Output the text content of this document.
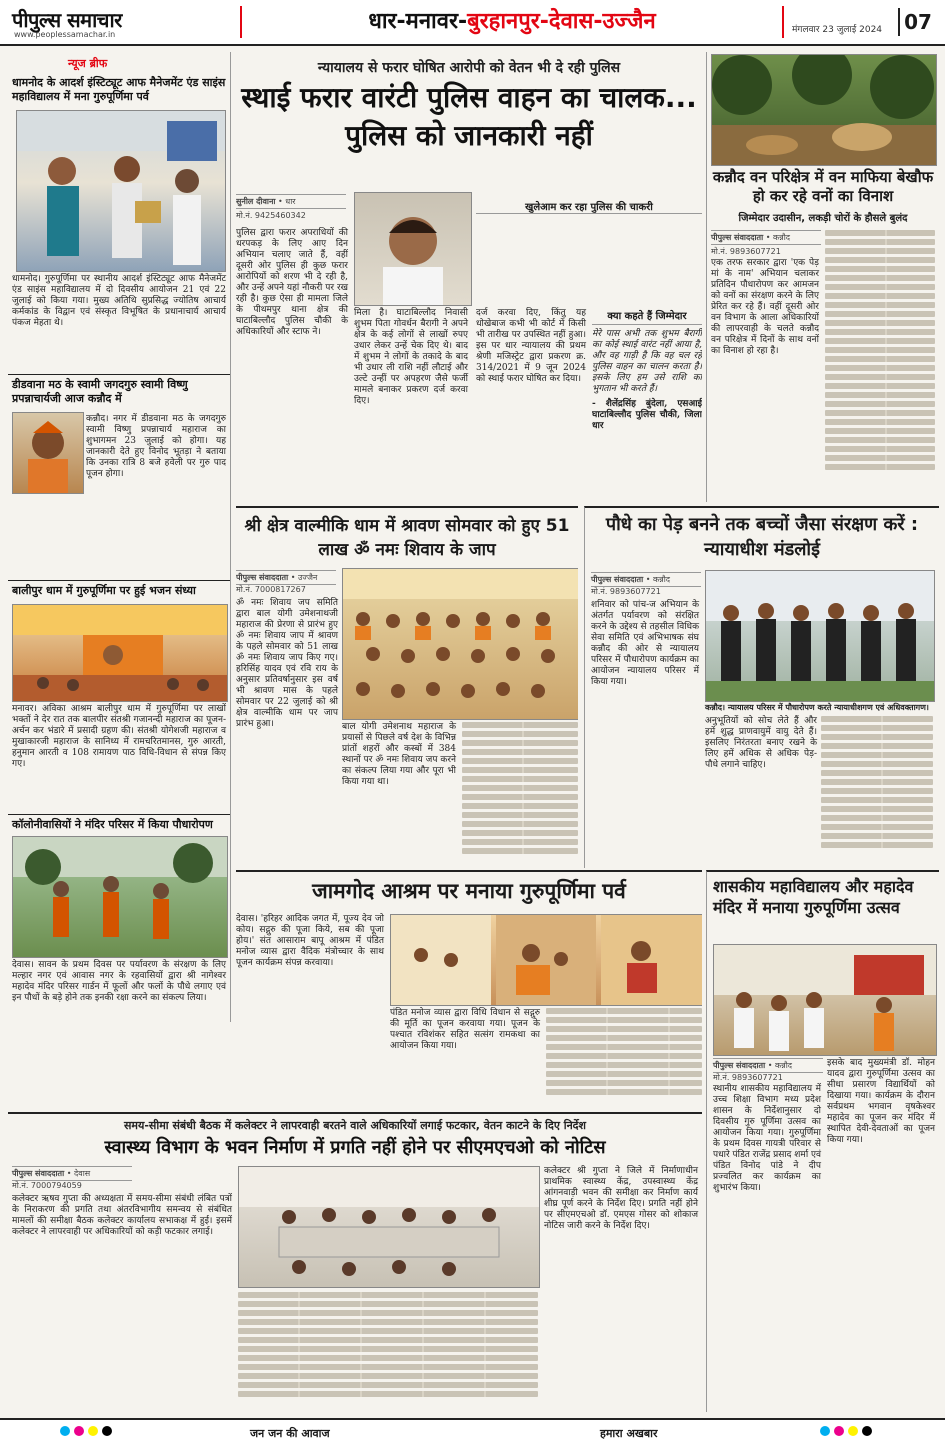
पीपुल्स समाचार
www.peoplessamachar.in
धार-मनावर-बुरहानपुर-देवास-उज्जैन	मंगलवार 23 जुलाई 2024	07
न्यूज ब्रीफ
धामनोद के आदर्श इंस्टिट्यूट आफ मैनेजमेंट एंड साइंस महाविद्यालय में मना गुरुपूर्णिमा पर्व
धामनोद। गुरुपूर्णिमा पर स्थानीय आदर्श इंस्टिट्यूट आफ मैनेजमेंट एंड साइंस महाविद्यालय में दो दिवसीय आयोजन 21 एवं 22 जुलाई को किया गया। मुख्य अतिथि सुप्रसिद्ध ज्योतिष आचार्य कर्मकांड के विद्वान एवं संस्कृत विभूषित के प्रधानाचार्य आचार्य पंकज मेहता थे।
डीडवाना मठ के स्वामी जगदगुरु स्वामी विष्णु प्रपन्नाचार्यजी आज कन्नौद में
कन्नौद। नगर में डीडवाना मठ के जगदगुरु स्वामी विष्णु प्रपन्नाचार्य महाराज का शुभागमन 23 जुलाई को होगा। यह जानकारी देते हुए विनोद भूतड़ा ने बताया कि उनका रात्रि 8 बजे हवेली पर गुरु पाद पूजन होगा।
बालीपुर धाम में गुरुपूर्णिमा पर हुई भजन संध्या
मनावर। अविका आश्रम बालीपुर धाम में गुरुपूर्णिमा पर लाखों भक्तों ने देर रात तक बालपीर संतश्री गजानन्दी महाराज का पूजन-अर्चन कर भंडारे में प्रसादी ग्रहण की। संतश्री योगेशजी महाराज व मुखाकारजी महाराज के सानिध्य में रामचरितमानस, गुरु आरती, हनुमान आरती व 108 रामायण पाठ विधि-विधान से संपन्न किए गए।
कॉलोनीवासियों ने मंदिर परिसर में किया पौधारोपण
देवास। सावन के प्रथम दिवस पर पर्यावरण के संरक्षण के लिए मल्हार नगर एवं आवास नगर के रहवासियों द्वारा श्री नागेश्वर महादेव मंदिर परिसर गार्डन में फूलों और फलों के पौधे लगाए एवं इन पौधों के बड़े होने तक इनकी रक्षा करने का संकल्प लिया।
न्यायालय से फरार घोषित आरोपी को वेतन भी दे रही पुलिस
स्थाई फरार वारंटी पुलिस वाहन का चालक... पुलिस को जानकारी नहीं
सुनील दीवाना • धार
मो.नं. 9425460342
खुलेआम कर रहा पुलिस की चाकरी
पुलिस द्वारा फरार अपराधियों की धरपकड़ के लिए आए दिन अभियान चलाए जाते हैं, वहीं दूसरी ओर पुलिस ही कुछ फरार आरोपियों को शरण भी दे रही है, और उन्हें अपने यहां नौकरी पर रख रही है। कुछ ऐसा ही मामला जिले के पीथमपुर थाना क्षेत्र की घाटाबिल्लौद पुलिस चौकी के अधिकारियों और स्टाफ ने।
मिला है। घाटाबिल्लौद निवासी शुभम पिता गोवर्धन बैरागी ने अपने क्षेत्र के कई लोगों से लाखों रुपए उधार लेकर उन्हें चेक दिए थे। बाद में शुभम ने लोगों के तकादे के बाद भी उधार ली राशि नहीं लौटाई और उल्टे उन्हीं पर अपहरण जैसे फर्जी मामले बनाकर प्रकरण दर्ज करवा दिए।
दर्ज करवा दिए, किंतु यह धोखेबाज कभी भी कोर्ट में किसी भी तारीख पर उपस्थित नहीं हुआ। इस पर धार न्यायालय की प्रथम श्रेणी मजिस्ट्रेट द्वारा प्रकरण क्र. 314/2021 में 9 जून 2024 को स्थाई फरार घोषित कर दिया।
क्या कहते हैं जिम्मेदार
मेरे पास अभी तक शुभम बैरागी का कोई स्थाई वारंट नहीं आया है, और वह गाड़ी है कि वह चल रहे पुलिस वाहन का चालन करता है। इसके लिए हम उसे राशि का भुगतान भी करते हैं।
- शैलेंद्रसिंह बुंदेला, एसआई घाटाबिल्लौद पुलिस चौकी, जिला धार
कन्नौद वन परिक्षेत्र में वन माफिया बेखौफ हो कर रहे वनों का विनाश
जिम्मेदार उदासीन, लकड़ी चोरों के हौसले बुलंद
पीपुल्स संवाददाता • कन्नौद
मो.नं. 9893607721
एक तरफ सरकार द्वारा 'एक पेड़ मां के नाम' अभियान चलाकर प्रतिदिन पौधारोपण कर आमजन को वनों का संरक्षण करने के लिए प्रेरित कर रहे हैं। वहीं दूसरी ओर वन विभाग के आला अधिकारियों की लापरवाही के चलते कन्नौद वन परिक्षेत्र में दिनों के साथ वनों का विनाश हो रहा है।
श्री क्षेत्र वाल्मीकि धाम में श्रावण सोमवार को हुए 51 लाख ॐ नमः शिवाय के जाप
पीपुल्स संवाददाता • उज्जैन
मो.नं. 7000817267
ॐ नमः शिवाय जप समिति द्वारा बाल योगी उमेशनाथजी महाराज की प्रेरणा से प्रारंभ हुए ॐ नमः शिवाय जाप में श्रावण के पहले सोमवार को 51 लाख ॐ नमः शिवाय जाप किए गए। हरिसिंह यादव एवं रवि राय के अनुसार प्रतिवर्षानुसार इस वर्ष भी श्रावण मास के पहले सोमवार पर 22 जुलाई को श्री क्षेत्र वाल्मीकि धाम पर जाप प्रारंभ हुआ।	बाल योगी उमेशनाथ महाराज के प्रयासों से पिछले वर्ष देश के विभिन्न प्रांतों शहरों और कस्बों में 384 स्थानों पर ॐ नमः शिवाय जप करने का संकल्प लिया गया और पूरा भी किया गया था।
पौधे का पेड़ बनने तक बच्चों जैसा संरक्षण करें : न्यायाधीश मंडलोई
पीपुल्स संवाददाता • कन्नौद
मो.नं. 9893607721
शनिवार को पांच-ज अभियान के अंतर्गत पर्यावरण को संरक्षित करने के उद्देश्य से तहसील विधिक सेवा समिति एवं अभिभाषक संघ कन्नौद की ओर से न्यायालय परिसर में पौधारोपण कार्यक्रम का आयोजन न्यायालय परिसर में किया गया।
कन्नौद। न्यायालय परिसर में पौधारोपण करते न्यायाधीशगण एवं अधिवक्तागण।
अनुभूतियों को सोच लेते हैं और हमें शुद्ध प्राणवायुमें वायु देते हैं। इसलिए निरंतरता बनाए रखने के लिए हमें अधिक से अधिक पेड़-पौधे लगाने चाहिए।
जामगोद आश्रम पर मनाया गुरुपूर्णिमा पर्व
देवास। 'हरिहर आदिक जगत में, पूज्य देव जो कोय। सद्गुरु की पूजा किये, सब की पूजा होय।' संत आसाराम बापू आश्रम में पंडित मनोज व्यास द्वारा वैदिक मंत्रोच्चार के साथ पूजन कार्यक्रम संपन्न करवाया।
पंडित मनोज व्यास द्वारा विधि विधान से सद्गुरु की मूर्ति का पूजन करवाया गया। पूजन के पश्चात रविशंकर सहित सत्संग रामकथा का आयोजन किया गया।
शासकीय महाविद्यालय और महादेव मंदिर में मनाया गुरुपूर्णिमा उत्सव
पीपुल्स संवाददाता • कन्नौद
मो.नं. 9893607721
स्थानीय शासकीय महाविद्यालय में उच्च शिक्षा विभाग मध्य प्रदेश शासन के निर्देशानुसार दो दिवसीय गुरु पूर्णिमा उत्सव का आयोजन किया गया। गुरुपूर्णिमा के प्रथम दिवस गायत्री परिवार से पधारे पंडित राजेंद्र प्रसाद शर्मा एवं पंडित विनोद पांडे ने दीप प्रज्वलित कर कार्यक्रम का शुभारंभ किया।
इसके बाद मुख्यमंत्री डॉ. मोहन यादव द्वारा गुरुपूर्णिमा उत्सव का सीधा प्रसारण विद्यार्थियों को दिखाया गया। कार्यक्रम के दौरान सर्वप्रथम भगवान वृषकेश्वर महादेव का पूजन कर मंदिर में स्थापित देवी-देवताओं का पूजन किया गया।
समय-सीमा संबंधी बैठक में कलेक्टर ने लापरवाही बरतने वाले अधिकारियों लगाई फटकार, वेतन काटने के दिए निर्देश
स्वास्थ्य विभाग के भवन निर्माण में प्रगति नहीं होने पर सीएमएचओ को नोटिस
पीपुल्स संवाददाता • देवास
मो.नं. 7000794059
कलेक्टर ऋषव गुप्ता की अध्यक्षता में समय-सीमा संबंधी लंबित पत्रों के निराकरण की प्रगति तथा अंतरविभागीय समन्वय से संबंधित मामलों की समीक्षा बैठक कलेक्टर कार्यालय सभाकक्ष में हुई। इसमें कलेक्टर ने लापरवाही पर अधिकारियों को कड़ी फटकार लगाई।
कलेक्टर श्री गुप्ता ने जिले में निर्माणाधीन प्राथमिक स्वास्थ्य केंद्र, उपस्वास्थ्य केंद्र आंगनवाड़ी भवन की समीक्षा कर निर्माण कार्य शीघ्र पूर्ण करने के निर्देश दिए। प्रगति नहीं होने पर सीएमएचओ डॉ. एमएस गोसर को शोकाज नोटिस जारी करने के निर्देश दिए।
जन जन की आवाज	हमारा अखबार
